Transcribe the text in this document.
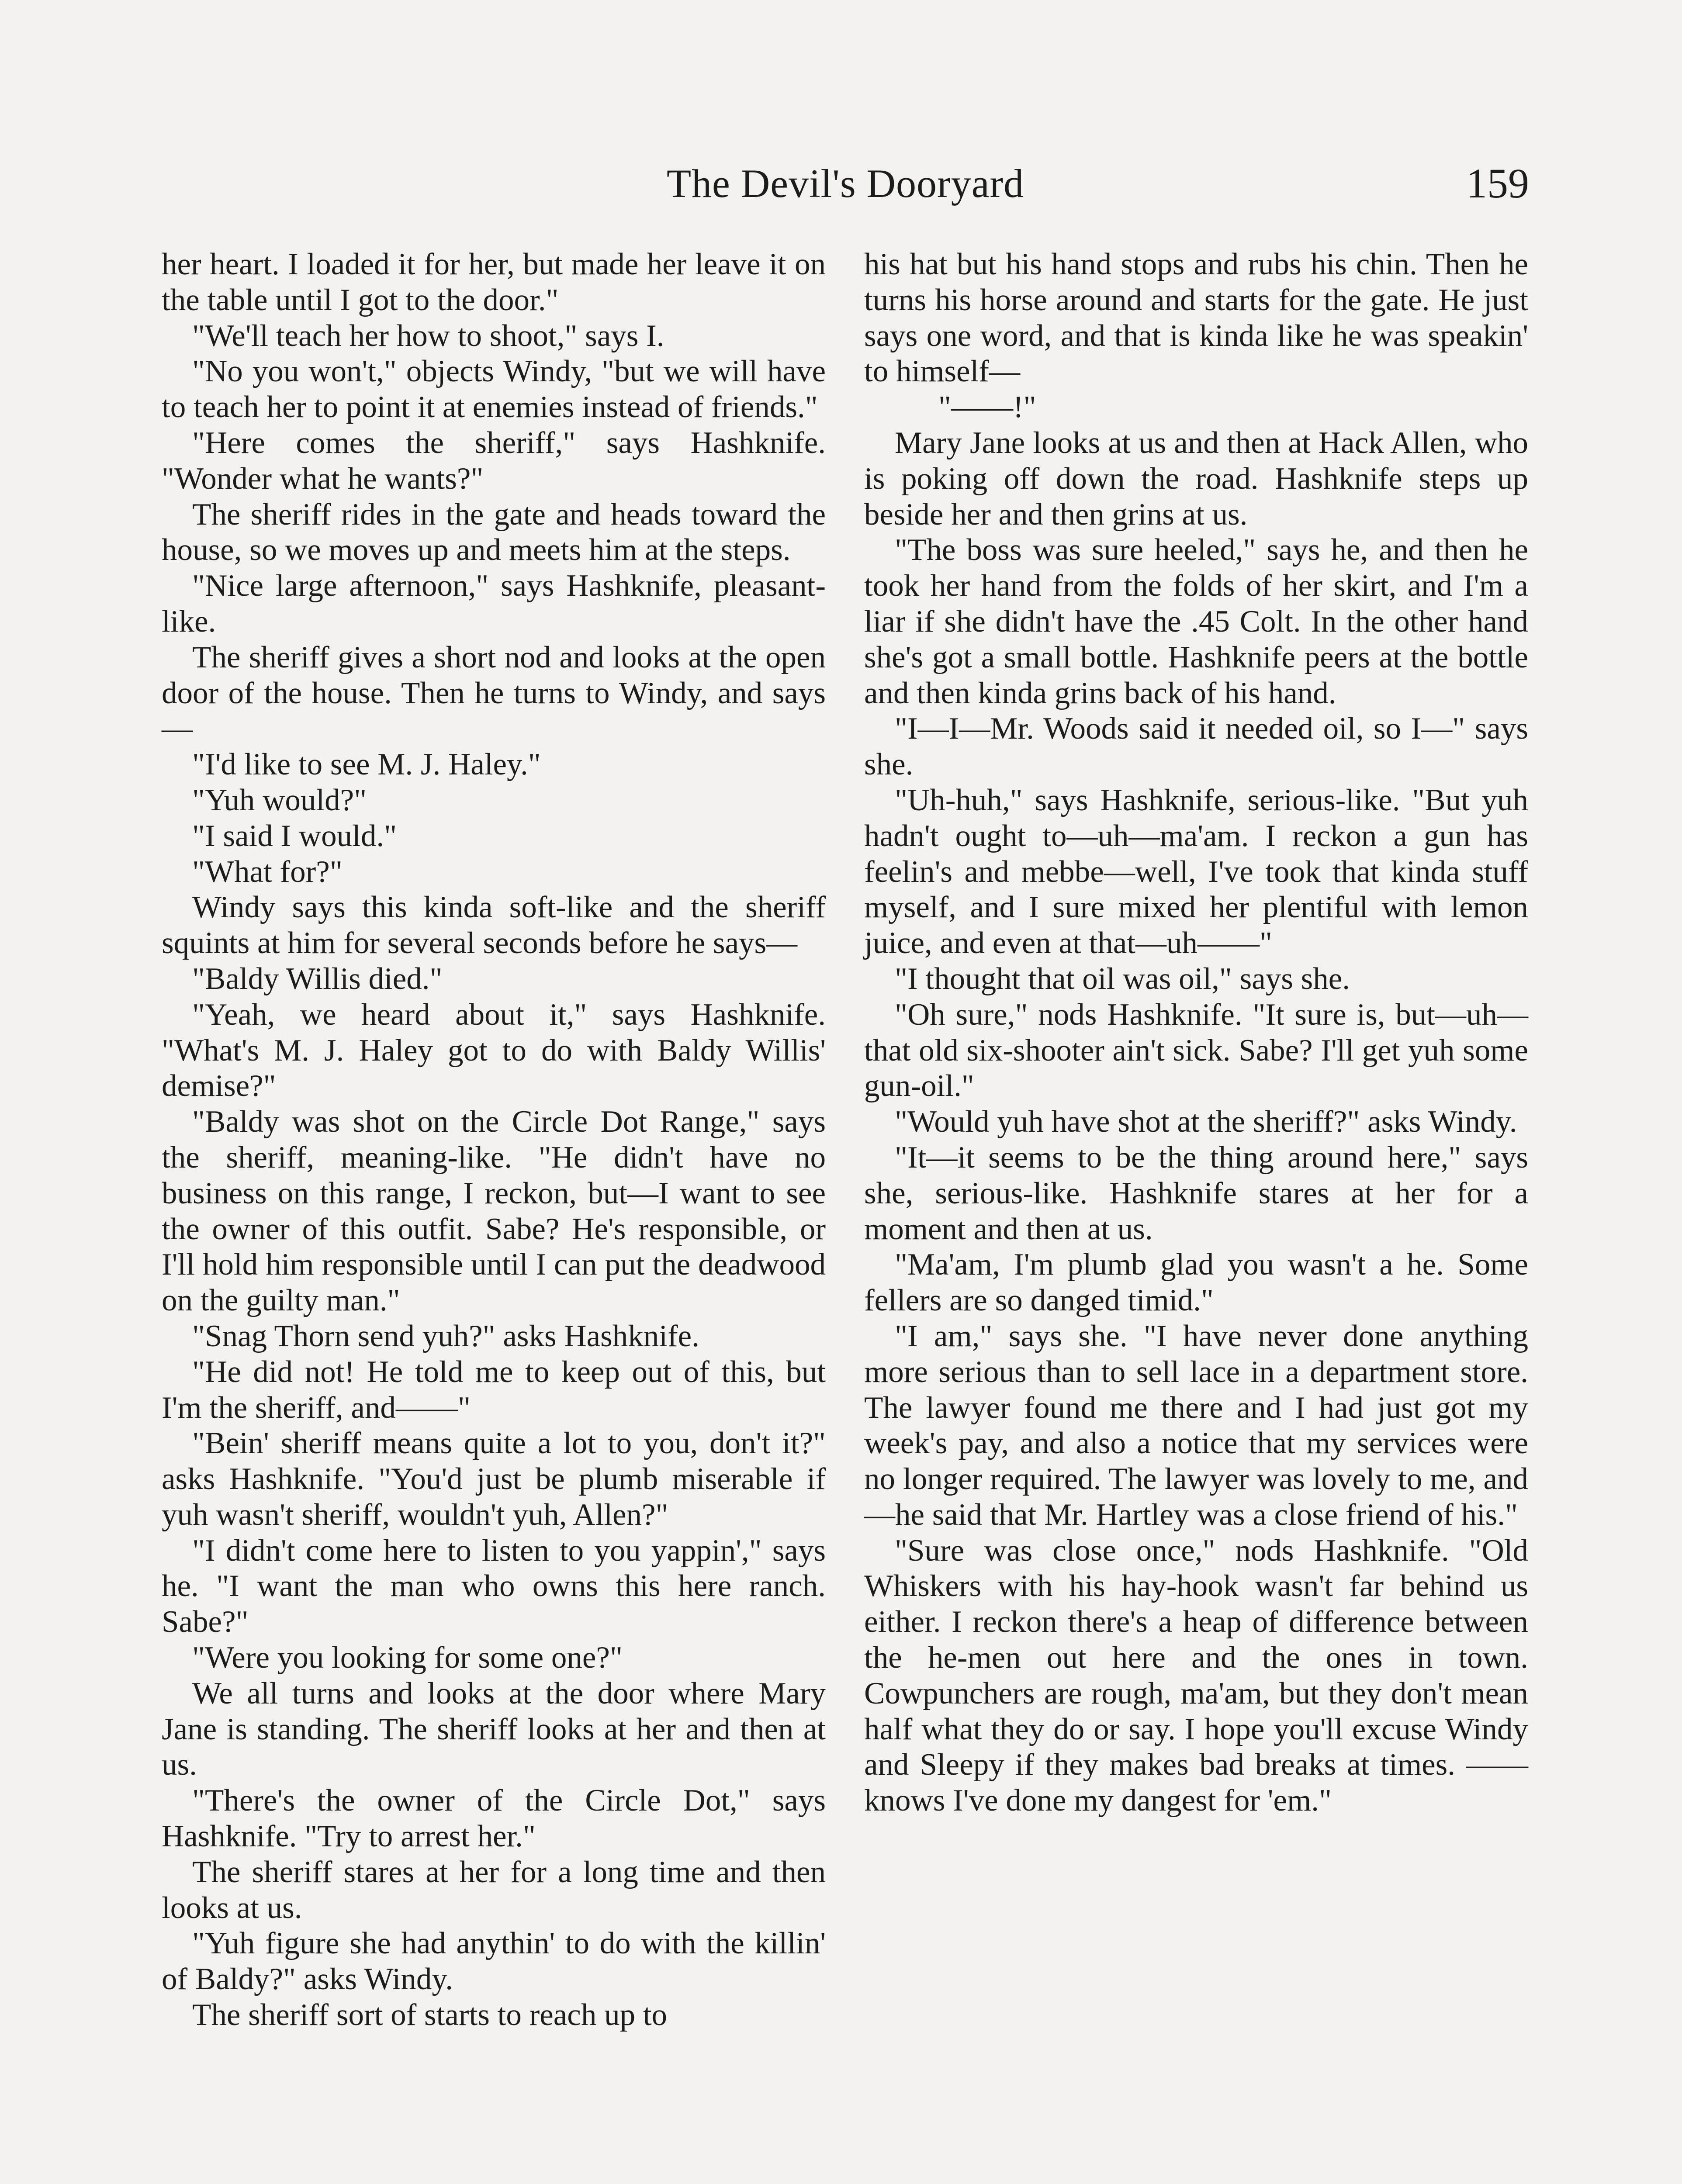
The Devil's Dooryard	159

her heart. I loaded it for her, but made her leave it on the table until I got to the door."

"We'll teach her how to shoot," says I.

"No you won't," objects Windy, "but we will have to teach her to point it at enemies instead of friends."

"Here comes the sheriff," says Hashknife. "Wonder what he wants?"

The sheriff rides in the gate and heads toward the house, so we moves up and meets him at the steps.

"Nice large afternoon," says Hashknife, pleasant-like.

The sheriff gives a short nod and looks at the open door of the house. Then he turns to Windy, and says—

"I'd like to see M. J. Haley."

"Yuh would?"

"I said I would."

"What for?"

Windy says this kinda soft-like and the sheriff squints at him for several seconds before he says—

"Baldy Willis died."

"Yeah, we heard about it," says Hashknife. "What's M. J. Haley got to do with Baldy Willis' demise?"

"Baldy was shot on the Circle Dot Range," says the sheriff, meaning-like. "He didn't have no business on this range, I reckon, but—I want to see the owner of this outfit. Sabe? He's responsible, or I'll hold him responsible until I can put the deadwood on the guilty man."

"Snag Thorn send yuh?" asks Hashknife.

"He did not! He told me to keep out of this, but I'm the sheriff, and——"

"Bein' sheriff means quite a lot to you, don't it?" asks Hashknife. "You'd just be plumb miserable if yuh wasn't sheriff, wouldn't yuh, Allen?"

"I didn't come here to listen to you yappin'," says he. "I want the man who owns this here ranch. Sabe?"

"Were you looking for some one?"

We all turns and looks at the door where Mary Jane is standing. The sheriff looks at her and then at us.

"There's the owner of the Circle Dot," says Hashknife. "Try to arrest her."

The sheriff stares at her for a long time and then looks at us.

"Yuh figure she had anythin' to do with the killin' of Baldy?" asks Windy.

The sheriff sort of starts to reach up to

his hat but his hand stops and rubs his chin. Then he turns his horse around and starts for the gate. He just says one word, and that is kinda like he was speakin' to himself—

"——!"

Mary Jane looks at us and then at Hack Allen, who is poking off down the road. Hashknife steps up beside her and then grins at us.

"The boss was sure heeled," says he, and then he took her hand from the folds of her skirt, and I'm a liar if she didn't have the .45 Colt. In the other hand she's got a small bottle. Hashknife peers at the bottle and then kinda grins back of his hand.

"I—I—Mr. Woods said it needed oil, so I—" says she.

"Uh-huh," says Hashknife, serious-like. "But yuh hadn't ought to—uh—ma'am. I reckon a gun has feelin's and mebbe—well, I've took that kinda stuff myself, and I sure mixed her plentiful with lemon juice, and even at that—uh——"

"I thought that oil was oil," says she.

"Oh sure," nods Hashknife. "It sure is, but—uh—that old six-shooter ain't sick. Sabe? I'll get yuh some gun-oil."

"Would yuh have shot at the sheriff?" asks Windy.

"It—it seems to be the thing around here," says she, serious-like. Hashknife stares at her for a moment and then at us.

"Ma'am, I'm plumb glad you wasn't a he. Some fellers are so danged timid."

"I am," says she. "I have never done anything more serious than to sell lace in a department store. The lawyer found me there and I had just got my week's pay, and also a notice that my services were no longer required. The lawyer was lovely to me, and—he said that Mr. Hartley was a close friend of his."

"Sure was close once," nods Hashknife. "Old Whiskers with his hay-hook wasn't far behind us either. I reckon there's a heap of difference between the he-men out here and the ones in town. Cowpunchers are rough, ma'am, but they don't mean half what they do or say. I hope you'll excuse Windy and Sleepy if they makes bad breaks at times. —— knows I've done my dangest for 'em."
